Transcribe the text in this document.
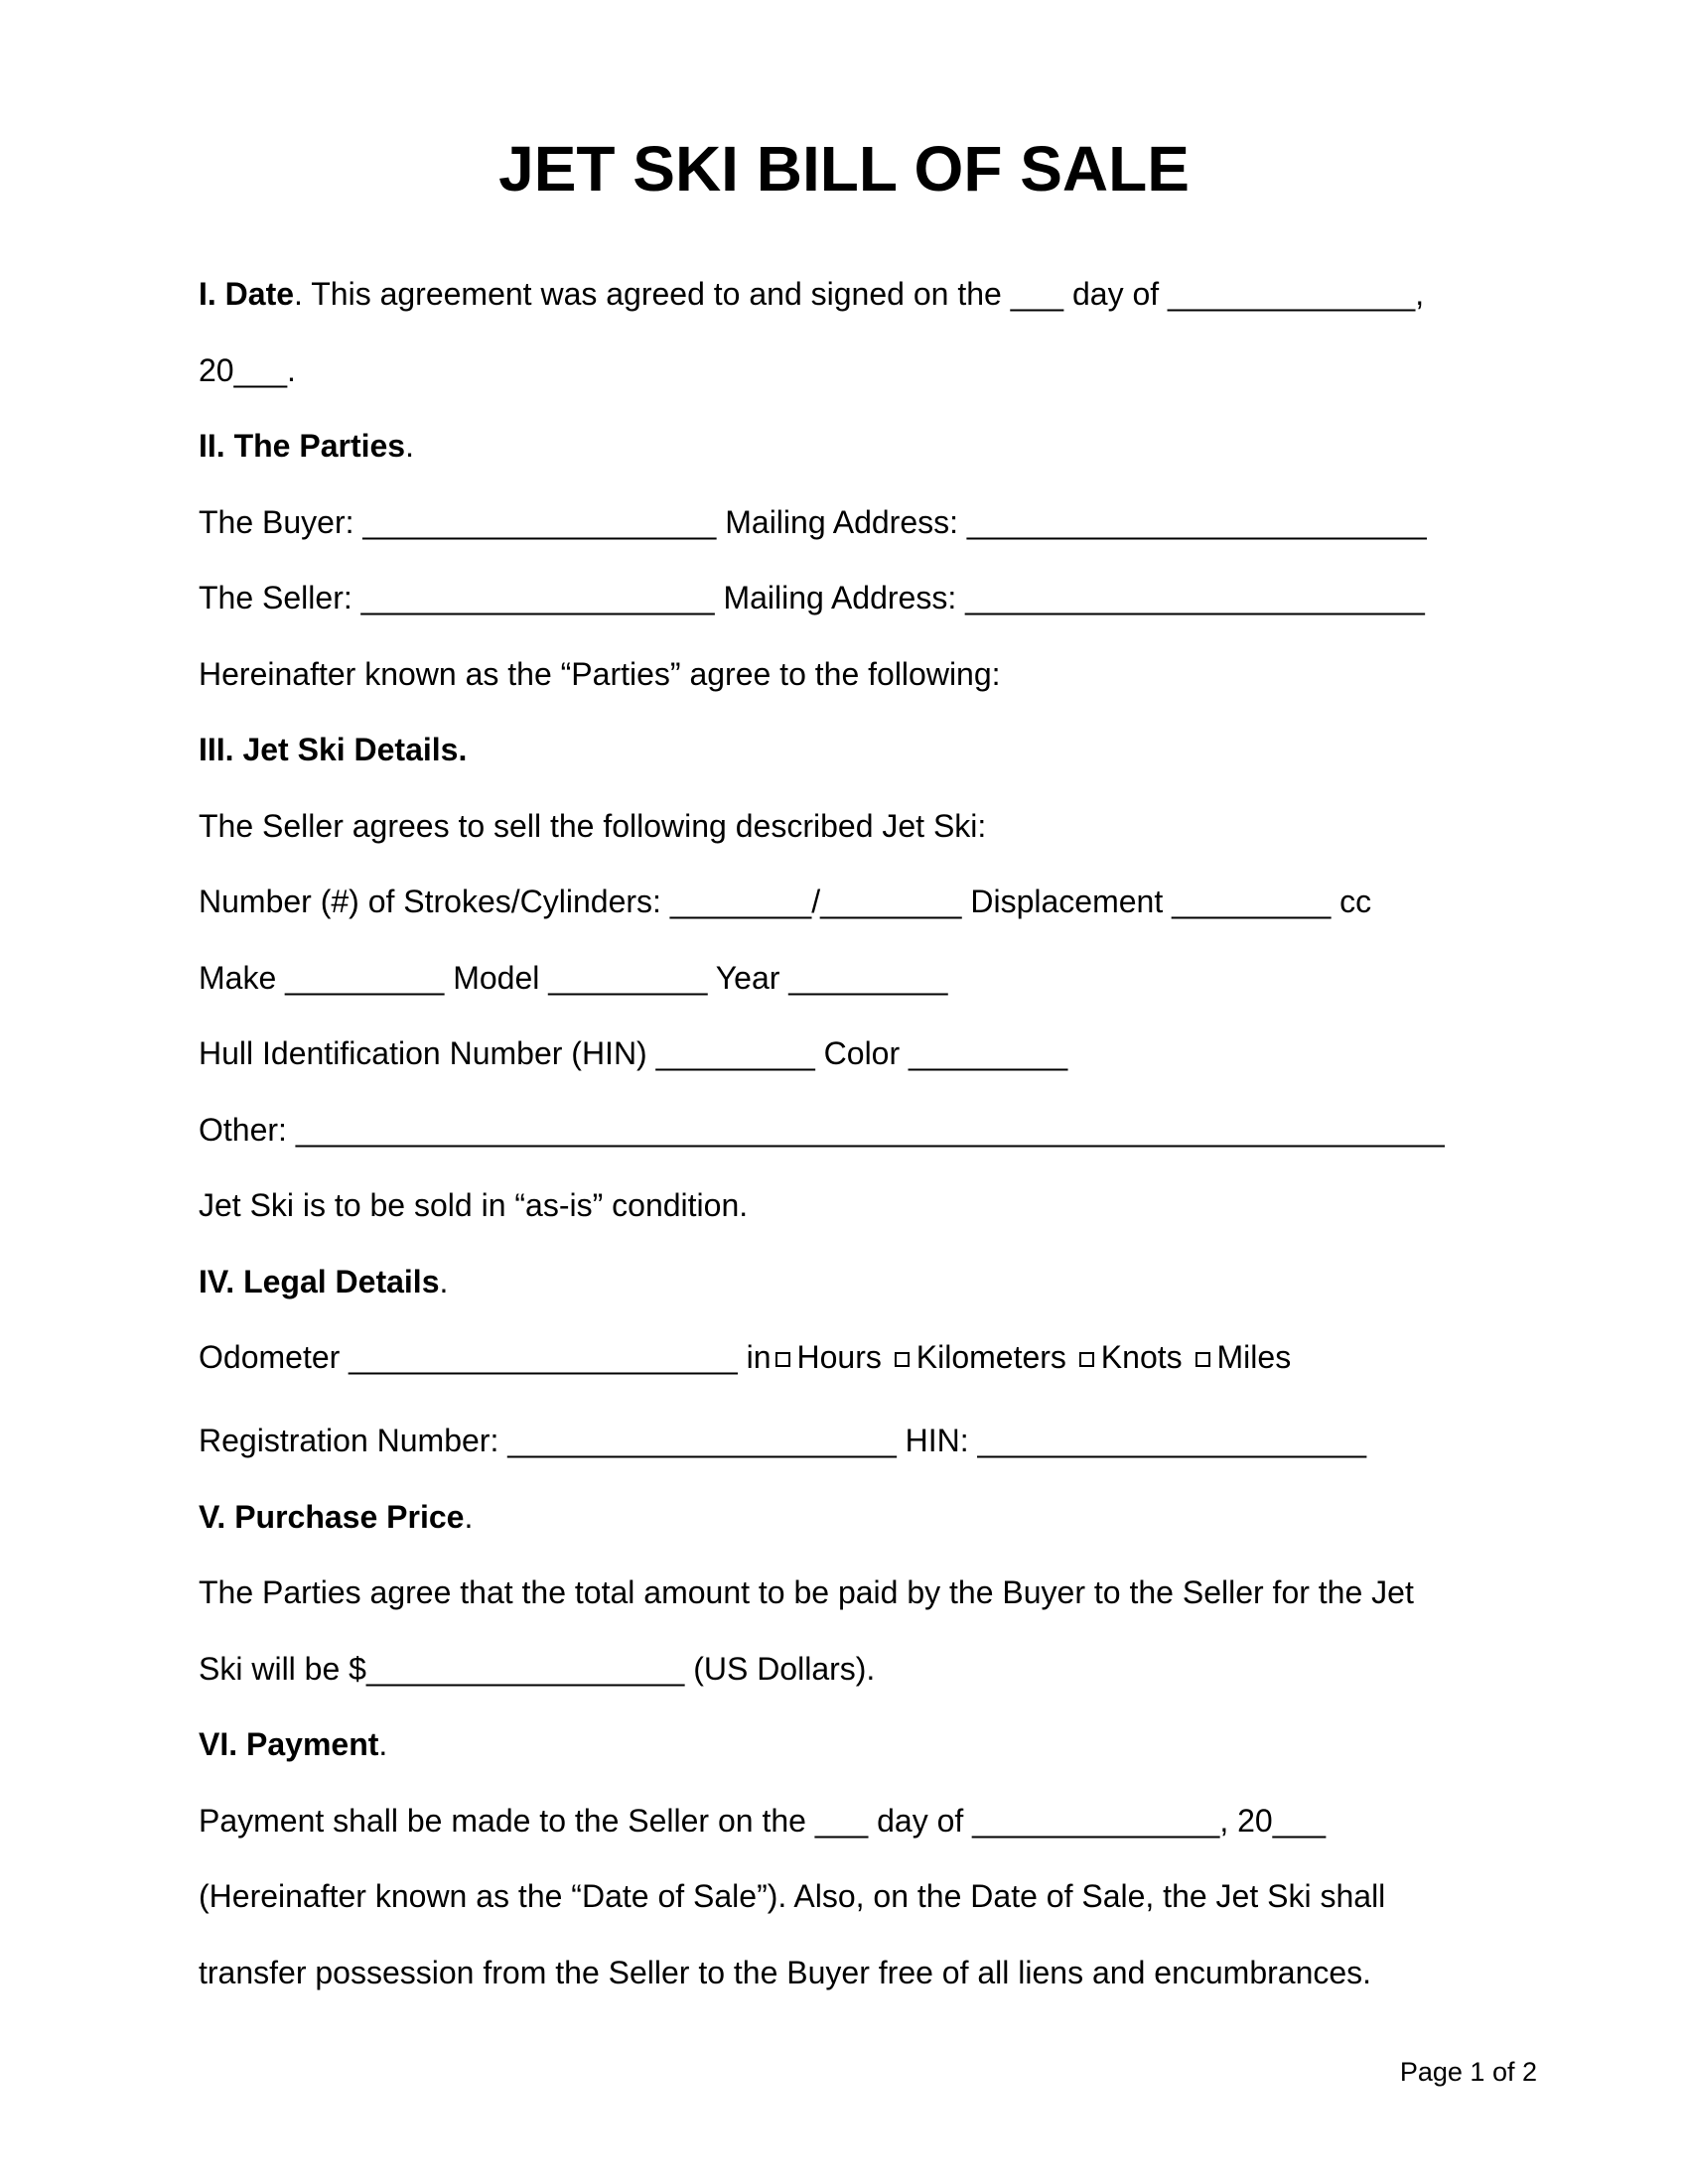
JET SKI BILL OF SALE
I. Date. This agreement was agreed to and signed on the ___ day of ______________,
20___.
II. The Parties.
The Buyer: ____________________ Mailing Address: __________________________
The Seller: ____________________ Mailing Address: __________________________
Hereinafter known as the “Parties” agree to the following:
III. Jet Ski Details.
The Seller agrees to sell the following described Jet Ski:
Number (#) of Strokes/Cylinders: ________/________ Displacement _________ cc
Make _________ Model _________ Year _________
Hull Identification Number (HIN) _________ Color _________
Other: _________________________________________________________________
Jet Ski is to be sold in “as-is” condition.
IV. Legal Details.
Odometer ______________________ in Hours Kilometers Knots Miles
Registration Number: ______________________ HIN: ______________________
V. Purchase Price.
The Parties agree that the total amount to be paid by the Buyer to the Seller for the Jet
Ski will be $__________________ (US Dollars).
VI. Payment.
Payment shall be made to the Seller on the ___ day of ______________, 20___
(Hereinafter known as the “Date of Sale”). Also, on the Date of Sale, the Jet Ski shall
transfer possession from the Seller to the Buyer free of all liens and encumbrances.
Page 1 of 2
